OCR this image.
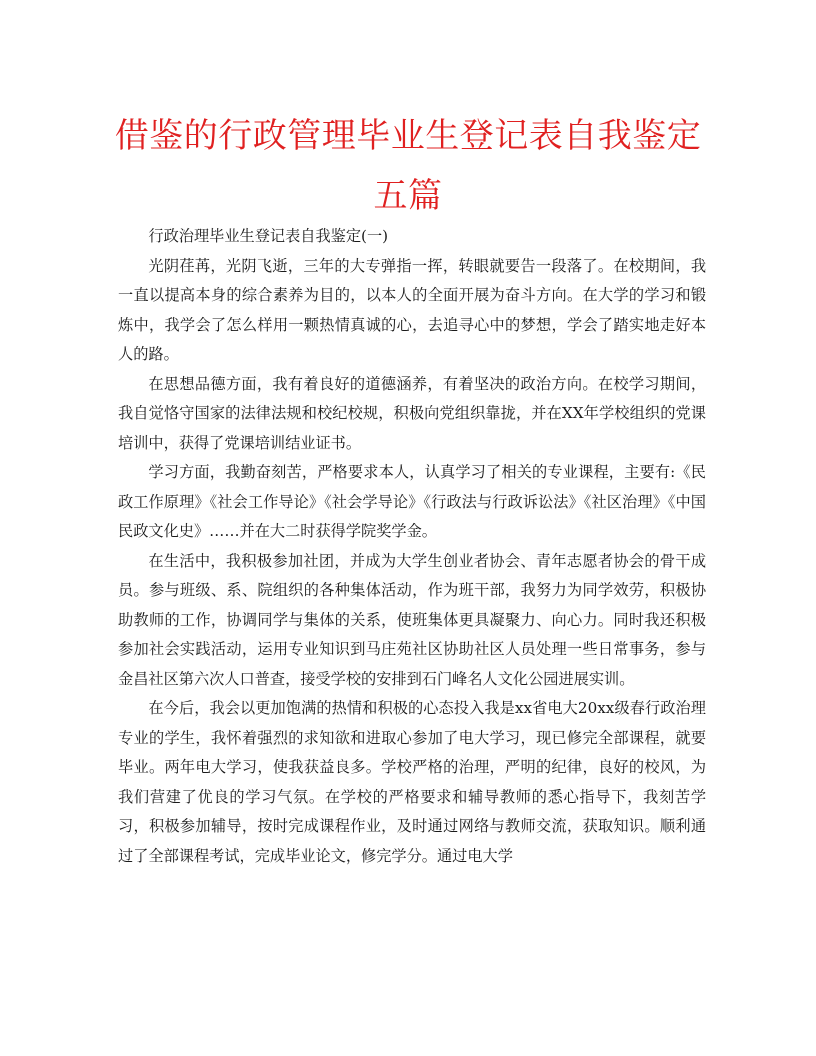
借鉴的行政管理毕业生登记表自我鉴定五篇

行政治理毕业生登记表自我鉴定(一)

光阴荏苒，光阴飞逝，三年的大专弹指一挥，转眼就要告一段落了。在校期间，我一直以提高本身的综合素养为目的，以本人的全面开展为奋斗方向。在大学的学习和锻炼中，我学会了怎么样用一颗热情真诚的心，去追寻心中的梦想，学会了踏实地走好本人的路。

在思想品德方面，我有着良好的道德涵养，有着坚决的政治方向。在校学习期间，我自觉恪守国家的法律法规和校纪校规，积极向党组织靠拢，并在XX年学校组织的党课培训中，获得了党课培训结业证书。

学习方面，我勤奋刻苦，严格要求本人，认真学习了相关的专业课程，主要有:《民政工作原理》《社会工作导论》《社会学导论》《行政法与行政诉讼法》《社区治理》《中国民政文化史》……并在大二时获得学院奖学金。

在生活中，我积极参加社团，并成为大学生创业者协会、青年志愿者协会的骨干成员。参与班级、系、院组织的各种集体活动，作为班干部，我努力为同学效劳，积极协助教师的工作，协调同学与集体的关系，使班集体更具凝聚力、向心力。同时我还积极参加社会实践活动，运用专业知识到马庄苑社区协助社区人员处理一些日常事务，参与金昌社区第六次人口普查，接受学校的安排到石门峰名人文化公园进展实训。

在今后，我会以更加饱满的热情和积极的心态投入我是xx省电大20xx级春行政治理专业的学生，我怀着强烈的求知欲和进取心参加了电大学习，现已修完全部课程，就要毕业。两年电大学习，使我获益良多。学校严格的治理，严明的纪律，良好的校风，为我们营建了优良的学习气氛。在学校的严格要求和辅导教师的悉心指导下，我刻苦学习，积极参加辅导，按时完成课程作业，及时通过网络与教师交流，获取知识。顺利通过了全部课程考试，完成毕业论文，修完学分。通过电大学
